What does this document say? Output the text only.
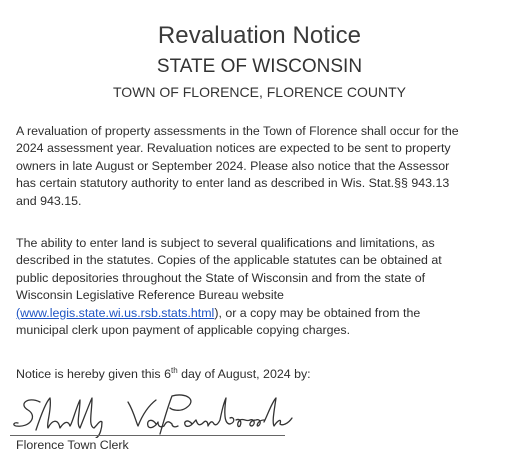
Revaluation Notice
STATE OF WISCONSIN
TOWN OF FLORENCE, FLORENCE COUNTY
A revaluation of property assessments in the Town of Florence shall occur for the
2024 assessment year. Revaluation notices are expected to be sent to property
owners in late August or September 2024. Please also notice that the Assessor
has certain statutory authority to enter land as described in Wis. Stat.§§ 943.13
and 943.15.
The ability to enter land is subject to several qualifications and limitations, as
described in the statutes. Copies of the applicable statutes can be obtained at
public depositories throughout the State of Wisconsin and from the state of
Wisconsin Legislative Reference Bureau website
(www.legis.state.wi.us.rsb.stats.html), or a copy may be obtained from the
municipal clerk upon payment of applicable copying charges.
Notice is hereby given this 6th day of August, 2024 by:
Florence Town Clerk
